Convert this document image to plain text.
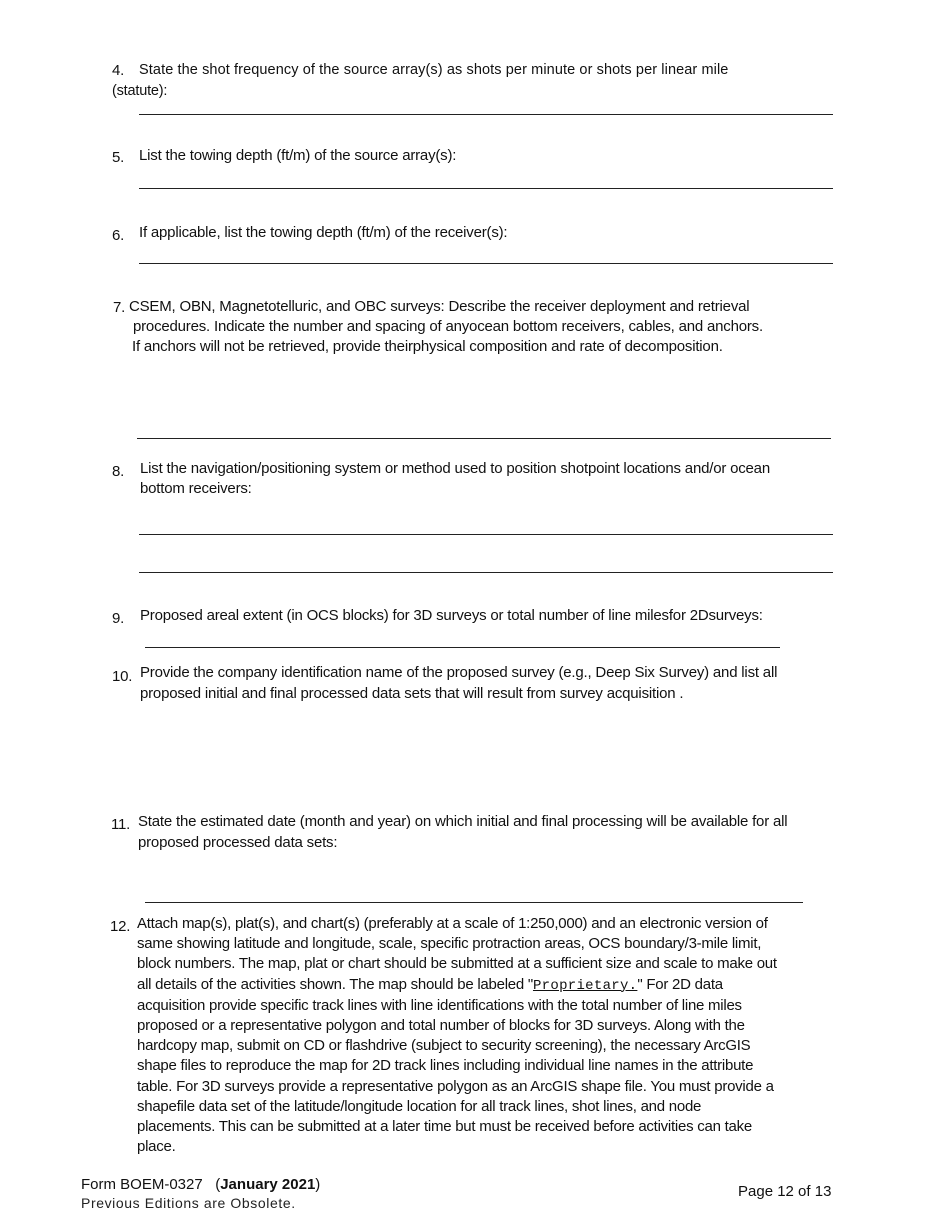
4. State the shot frequency of the source array(s) as shots per minute or shots per linear mile
(statute):
5. List the towing depth (ft/m) of the source array(s):
6. If applicable, list the towing depth (ft/m) of the receiver(s):
7. CSEM, OBN, Magnetotelluric, and OBC surveys: Describe the receiver deployment and retrieval
procedures. Indicate the number and spacing of anyocean bottom receivers, cables, and anchors.
If anchors will not be retrieved, provide theirphysical composition and rate of decomposition.
8. List the navigation/positioning system or method used to position shotpoint locations and/or ocean
bottom receivers:
9. Proposed areal extent (in OCS blocks) for 3D surveys or total number of line milesfor 2Dsurveys:
10. Provide the company identification name of the proposed survey (e.g., Deep Six Survey) and list all
proposed initial and final processed data sets that will result from survey acquisition .
11. State the estimated date (month and year) on which initial and final processing will be available for all
proposed processed data sets:
12. Attach map(s), plat(s), and chart(s) (preferably at a scale of 1:250,000) and an electronic version of
same showing latitude and longitude, scale, specific protraction areas, OCS boundary/3-mile limit,
block numbers. The map, plat or chart should be submitted at a sufficient size and scale to make out
all details of the activities shown. The map should be labeled "Proprietary." For 2D data
acquisition provide specific track lines with line identifications with the total number of line miles
proposed or a representative polygon and total number of blocks for 3D surveys. Along with the
hardcopy map, submit on CD or flashdrive (subject to security screening), the necessary ArcGIS
shape files to reproduce the map for 2D track lines including individual line names in the attribute
table. For 3D surveys provide a representative polygon as an ArcGIS shape file. You must provide a
shapefile data set of the latitude/longitude location for all track lines, shot lines, and node
placements. This can be submitted at a later time but must be received before activities can take
place.
Form BOEM-0327 (January 2021)
Previous Editions are Obsolete.
Page 12 of 13
